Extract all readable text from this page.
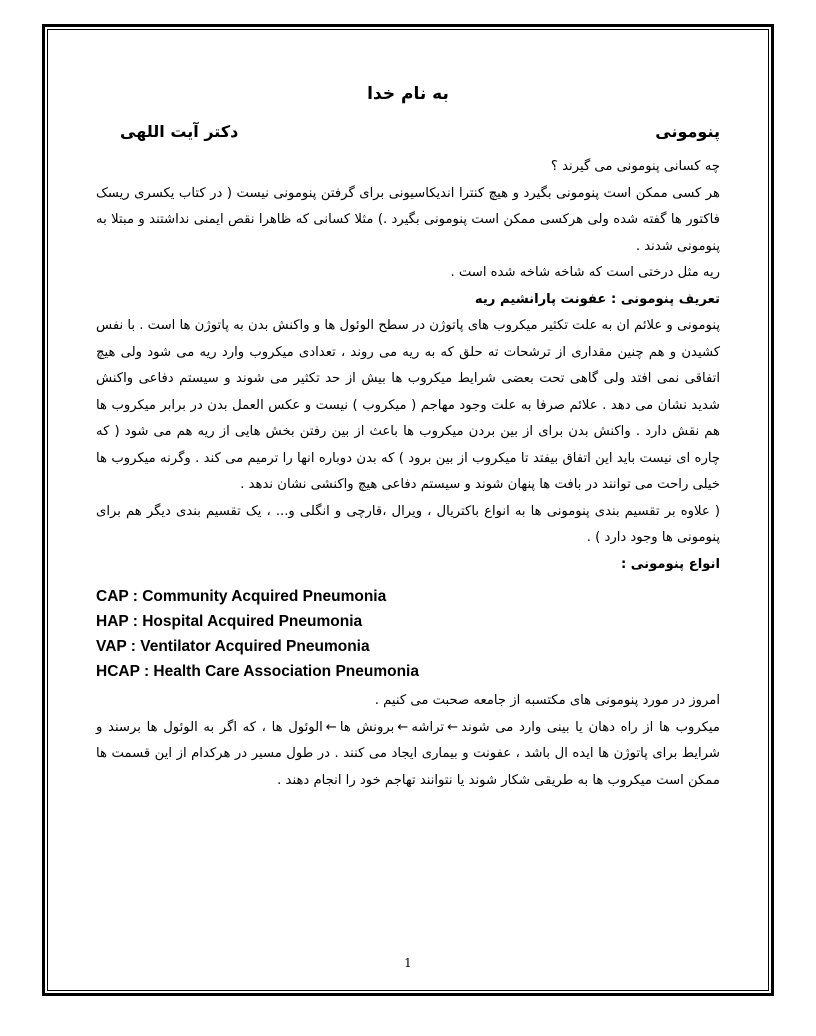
به نام خدا
پنومونی
دکتر آیت اللهی

چه کسانی پنومونی می گیرند ؟

هر کسی ممکن است پنومونی بگیرد و هیچ کنترا اندیکاسیونی برای گرفتن پنومونی نیست ( در کتاب یکسری ریسک فاکتور ها گفته شده ولی هرکسی ممکن است پنومونی بگیرد .) مثلا کسانی که ظاهرا نقص ایمنی نداشتند و مبتلا به پنومونی شدند .

ریه مثل درختی است که شاخه شاخه شده است .

تعریف پنومونی : عفونت پارانشیم ریه

پنومونی و علائم ان به علت تکثیر میکروب های پاتوژن در سطح الوئول ها و واکنش بدن به پاتوژن ها است . با نفس کشیدن و هم چنین مقداری از ترشحات ته حلق که به ریه می روند ، تعدادی میکروب وارد ریه می شود ولی هیچ اتفاقی نمی افتد ولی گاهی تحت بعضی شرایط میکروب ها بیش از حد تکثیر می شوند و سیستم دفاعی واکنش شدید نشان می دهد . علائم صرفا به علت وجود مهاجم ( میکروب ) نیست و عکس العمل بدن در برابر میکروب ها هم نقش دارد . واکنش بدن برای از بین بردن میکروب ها باعث از بین رفتن بخش هایی از ریه هم می شود ( که چاره ای نیست باید این اتفاق بیفتد تا میکروب از بین برود ) که بدن دوباره انها را ترمیم می کند . وگرنه میکروب ها خیلی راحت می توانند در بافت ها پنهان شوند و سیستم دفاعی هیچ واکنشی نشان ندهد .

( علاوه بر تقسیم بندی پنومونی ها به انواع باکتریال ، ویرال ،قارچی و انگلی و... ، یک تقسیم بندی دیگر هم برای پنومونی ها وجود دارد ) .

انواع پنومونی :

CAP : Community Acquired Pneumonia
HAP : Hospital Acquired Pneumonia
VAP : Ventilator Acquired Pneumonia
HCAP : Health Care Association Pneumonia

امروز در مورد پنومونی های مکتسبه از جامعه صحبت می کنیم .

میکروب ها از راه دهان یا بینی وارد می شوند←تراشه←برونش ها←الوئول ها ، که اگر به الوئول ها برسند و شرایط برای پاتوژن ها ایده ال باشد ، عفونت و بیماری ایجاد می کنند . در طول مسیر در هرکدام از این قسمت ها ممکن است میکروب ها به طریقی شکار شوند یا نتوانند تهاجم خود را انجام دهند .

1
